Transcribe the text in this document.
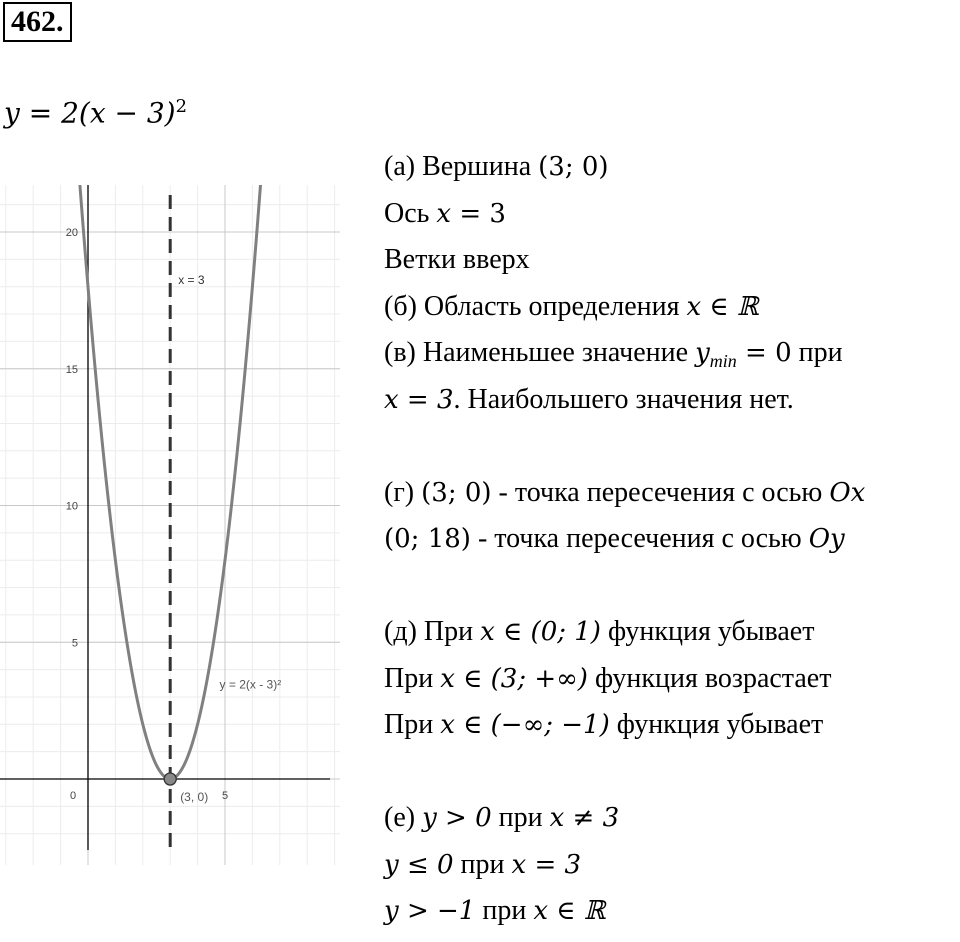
462.
$y = 2(x - 3)^2$
20
15
10
5
0	5
x = 3
y = 2(x - 3)²
(3, 0)
(а) Вершина (3; 0)
Ось x = 3
Ветки вверх
(б) Область определения x ∈ ℝ
(в) Наименьшее значение $y_{min} = 0$ при
x = 3. Наибольшего значения нет.
(г) (3; 0) - точка пересечения с осью Ox
(0; 18) - точка пересечения с осью Oy
(д) При x ∈ (0; 1) функция убывает
При x ∈ (3; +∞) функция возрастает
При x ∈ (−∞; −1) функция убывает
(е) y > 0 при x ≠ 3
y ≤ 0 при x = 3
y > −1 при x ∈ ℝ
